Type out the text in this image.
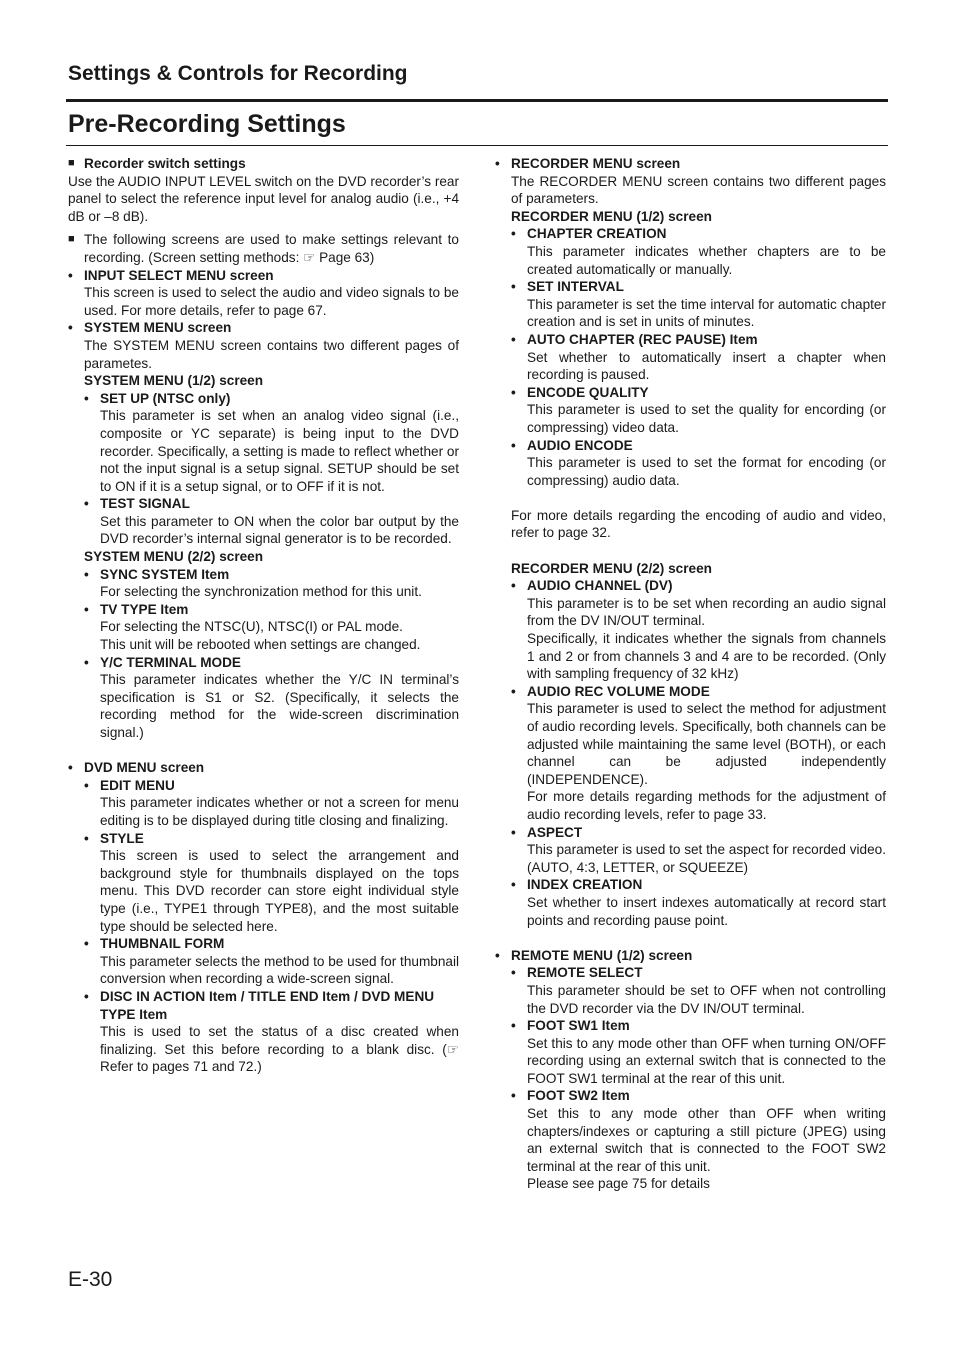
Settings & Controls for Recording
Pre-Recording Settings
■ Recorder switch settings

Use the AUDIO INPUT LEVEL switch on the DVD recorder’s rear panel to select the reference input level for analog audio (i.e., +4 dB or –8 dB).

■ The following screens are used to make settings relevant to recording. (Screen setting methods: ☞ Page 63)
• INPUT SELECT MENU screen

This screen is used to select the audio and video signals to be used. For more details, refer to page 67.

• SYSTEM MENU screen

The SYSTEM MENU screen contains two different pages of parametes.

SYSTEM MENU (1/2) screen

• SET UP (NTSC only)

This parameter is set when an analog video signal (i.e., composite or YC separate) is being input to the DVD recorder. Specifically, a setting is made to reflect whether or not the input signal is a setup signal. SETUP should be set to ON if it is a setup signal, or to OFF if it is not.

• TEST SIGNAL

Set this parameter to ON when the color bar output by the DVD recorder’s internal signal generator is to be recorded.

SYSTEM MENU (2/2) screen

• SYNC SYSTEM Item

For selecting the synchronization method for this unit.

• TV TYPE Item

For selecting the NTSC(U), NTSC(I) or PAL mode.

This unit will be rebooted when settings are changed.

• Y/C TERMINAL MODE

This parameter indicates whether the Y/C IN terminal’s specification is S1 or S2. (Specifically, it selects the recording method for the wide-screen discrimination signal.)

• DVD MENU screen
• EDIT MENU

This parameter indicates whether or not a screen for menu editing is to be displayed during title closing and finalizing.

• STYLE

This screen is used to select the arrangement and background style for thumbnails displayed on the tops menu. This DVD recorder can store eight individual style type (i.e., TYPE1 through TYPE8), and the most suitable type should be selected here.

• THUMBNAIL FORM

This parameter selects the method to be used for thumbnail conversion when recording a wide-screen signal.

• DISC IN ACTION Item / TITLE END Item / DVD MENU TYPE Item

This is used to set the status of a disc created when finalizing. Set this before recording to a blank disc. (☞ Refer to pages 71 and 72.)

• RECORDER MENU screen

The RECORDER MENU screen contains two different pages of parameters.

RECORDER MENU (1/2) screen

• CHAPTER CREATION

This parameter indicates whether chapters are to be created automatically or manually.

• SET INTERVAL

This parameter is set the time interval for automatic chapter creation and is set in units of minutes.

• AUTO CHAPTER (REC PAUSE) Item

Set whether to automatically insert a chapter when recording is paused.

• ENCODE QUALITY

This parameter is used to set the quality for encording (or compressing) video data.

• AUDIO ENCODE

This parameter is used to set the format for encoding (or compressing) audio data.

For more details regarding the encoding of audio and video, refer to page 32.

RECORDER MENU (2/2) screen

• AUDIO CHANNEL (DV)

This parameter is to be set when recording an audio signal from the DV IN/OUT terminal.

Specifically, it indicates whether the signals from channels 1 and 2 or from channels 3 and 4 are to be recorded. (Only with sampling frequency of 32 kHz)

• AUDIO REC VOLUME MODE

This parameter is used to select the method for adjustment of audio recording levels. Specifically, both channels can be adjusted while maintaining the same level (BOTH), or each channel can be adjusted independently (INDEPENDENCE).

For more details regarding methods for the adjustment of audio recording levels, refer to page 33.

• ASPECT

This parameter is used to set the aspect for recorded video. (AUTO, 4:3, LETTER, or SQUEEZE)

• INDEX CREATION

Set whether to insert indexes automatically at record start points and recording pause point.

• REMOTE MENU (1/2) screen
• REMOTE SELECT

This parameter should be set to OFF when not controlling the DVD recorder via the DV IN/OUT terminal.

• FOOT SW1 Item

Set this to any mode other than OFF when turning ON/OFF recording using an external switch that is connected to the FOOT SW1 terminal at the rear of this unit.

• FOOT SW2 Item

Set this to any mode other than OFF when writing chapters/indexes or capturing a still picture (JPEG) using an external switch that is connected to the FOOT SW2 terminal at the rear of this unit.

Please see page 75 for details

E-30
